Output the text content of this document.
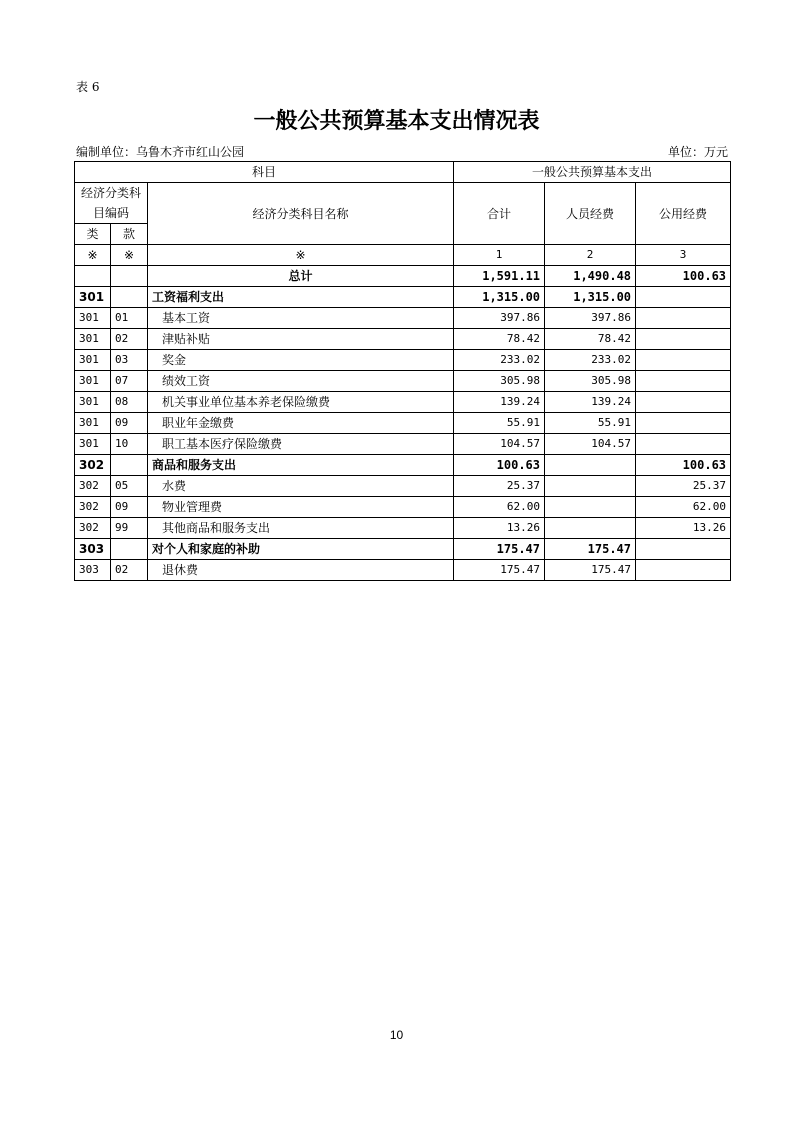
表 6
一般公共预算基本支出情况表
编制单位：乌鲁木齐市红山公园	单位：万元
科目			一般公共预算基本支出		
经济分类科目编码		经济分类科目名称	合计	人员经费	公用经费
类	款				
※	※	※	1	2	3
		总计	1,591.11	1,490.48	100.63
301		工资福利支出	1,315.00	1,315.00	
301	01	基本工资	397.86	397.86	
301	02	津贴补贴	78.42	78.42	
301	03	奖金	233.02	233.02	
301	07	绩效工资	305.98	305.98	
301	08	机关事业单位基本养老保险缴费	139.24	139.24	
301	09	职业年金缴费	55.91	55.91	
301	10	职工基本医疗保险缴费	104.57	104.57	
302		商品和服务支出	100.63		100.63
302	05	水费	25.37		25.37
302	09	物业管理费	62.00		62.00
302	99	其他商品和服务支出	13.26		13.26
303		对个人和家庭的补助	175.47	175.47	
303	02	退休费	175.47	175.47	
10
